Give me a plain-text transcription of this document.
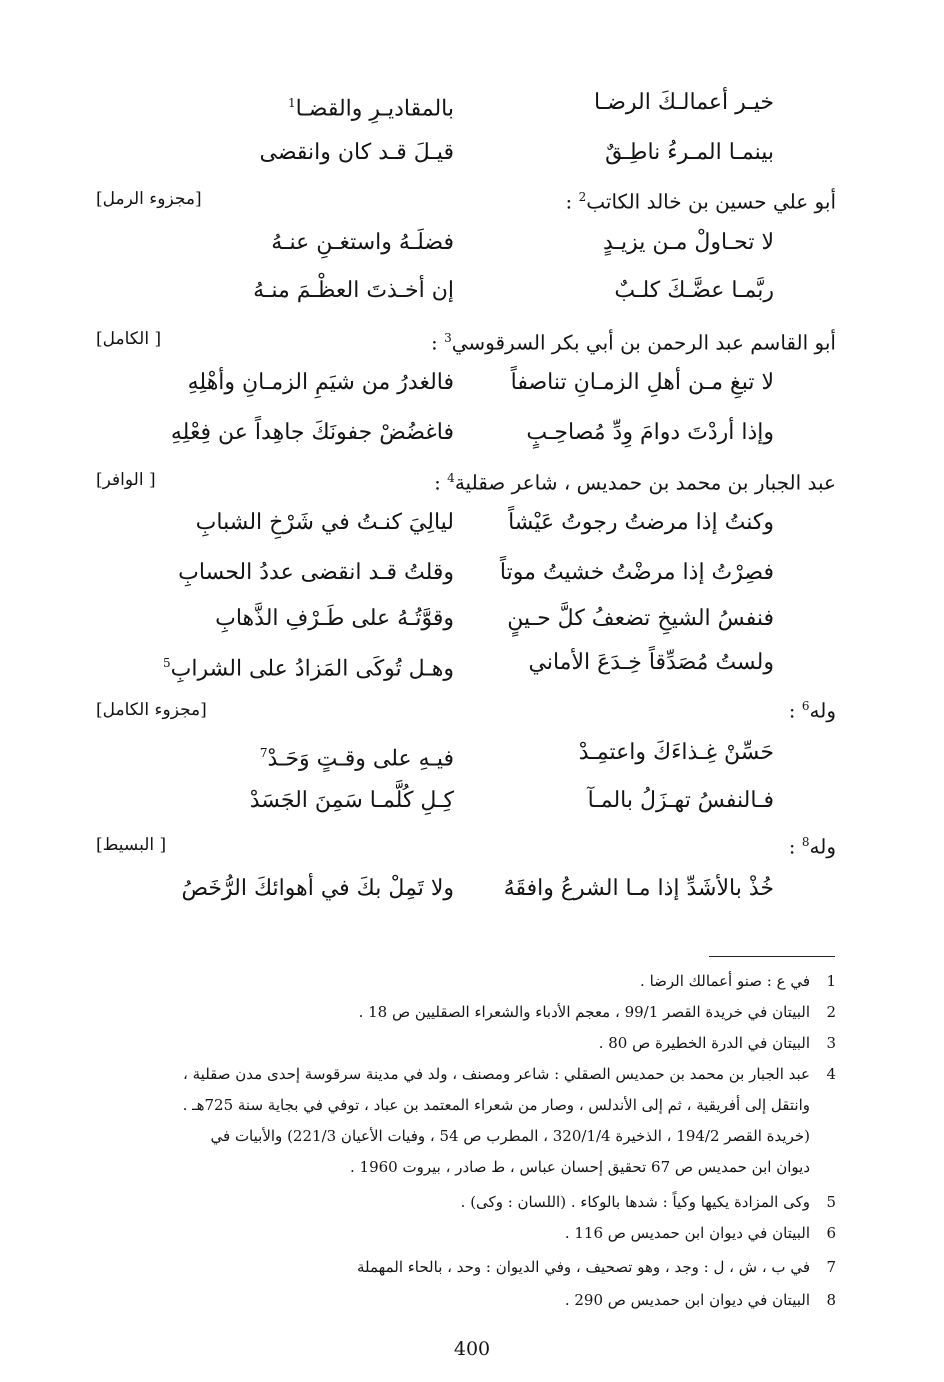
خيـر أعمالـكَ الرضـا
بالمقاديـرِ والقضـا$^1$
بينمـا المـرءُ ناطِـقٌ
قيـلَ قـد كان وانقضى
أبو علي حسين بن خالد الكاتب$^2$ :
[مجزوء الرمل]
لا تحـاولْ مـن يزيـدٍ
فضلَـهُ واستغـنِ عنـهُ
ربَّمـا عضَّـكَ كلـبٌ
إن أخـذتَ العظْـمَ منـهُ
أبو القاسم عبد الرحمن بن أبي بكر السرقوسي$^3$ :
[ الكامل]
لا تبغِ مـن أهلِ الزمـانِ تناصفاً
فالغدرُ من شيَمِ الزمـانِ وأهْلِهِ
وإذا أردْتَ دوامَ وِدِّ مُصاحِـبٍ
فاغضُضْ جفونَكَ جاهِداً عن فِعْلِهِ
عبد الجبار بن محمد بن حمديس ، شاعر صقلية$^4$ :
[ الوافر]
وكنتُ إذا مرضتُ رجوتُ عَيْشاً
ليالِيَ كنـتُ في شَرْخِ الشبابِ
فصِرْتُ إذا مرضْتُ خشيتُ موتاً
وقلتُ قـد انقضى عددُ الحسابِ
فنفسُ الشيخِ تضعفُ كلَّ حـينٍ
وقوَّتُـهُ على طَـرْفِ الذَّهابِ
ولستُ مُصَدِّقاً خِـدَعَ الأماني
وهـل تُوكَى المَزادُ على الشرابِ$^5$
وله$^6$ :
[مجزوء الكامل]
حَسِّنْ غِـذاءَكَ واعتمِـدْ
فيـهِ على وقـتٍ وَحَـدْ$^7$
فـالنفسُ تهـزَلُ بالمـآ
كِـلِ كُلَّمـا سَمِنَ الجَسَدْ
وله$^8$ :
[ البسيط]
خُذْ بالأشَدِّ إذا مـا الشرعُ وافقَهُ
ولا تَمِلْ بكَ في أهوائكَ الرُّخَصُ
1في ع : صنو أعمالك الرضا .
2البيتان في خريدة القصر 99/1 ، معجم الأدباء والشعراء الصقليين ص 18 .
3البيتان في الدرة الخطيرة ص 80 .
4عبد الجبار بن محمد بن حمديس الصقلي : شاعر ومصنف ، ولد في مدينة سرقوسة إحدى مدن صقلية ،
وانتقل إلى أفريقية ، ثم إلى الأندلس ، وصار من شعراء المعتمد بن عباد ، توفي في بجاية سنة 725هـ .
(خريدة القصر 194/2 ، الذخيرة 320/1/4 ، المطرب ص 54 ، وفيات الأعيان 221/3) والأبيات في
ديوان ابن حمديس ص 67 تحقيق إحسان عباس ، ط صادر ، بيروت 1960 .
5وكى المزادة يكيها وكياً : شدها بالوكاء . (اللسان : وكى) .
6البيتان في ديوان ابن حمديس ص 116 .
7في ب ، ش ، ل : وجد ، وهو تصحيف ، وفي الديوان : وحد ، بالحاء المهملة
8البيتان في ديوان ابن حمديس ص 290 .
400
